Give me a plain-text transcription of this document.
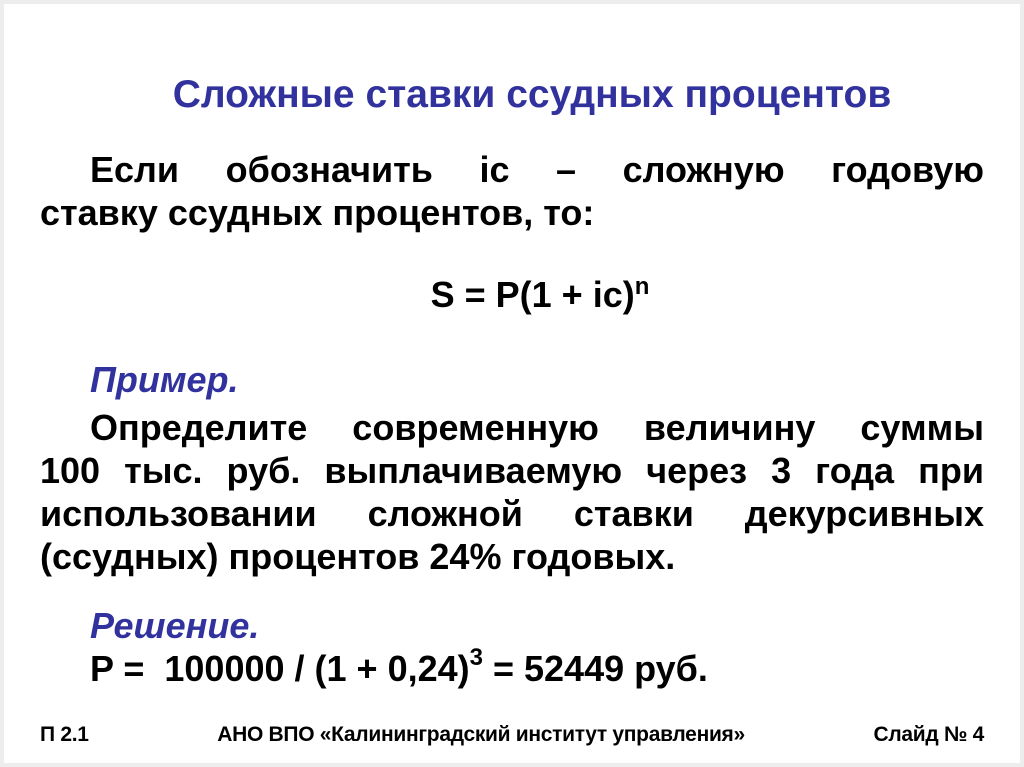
Сложные ставки ссудных процентов

Если обозначить ic – сложную годовую
ставку ссудных процентов, то:

S = P(1 + ic)$^n$
Пример.

Определите современную величину суммы
100 тыс. руб. выплачиваемую через 3 года при
использовании сложной ставки декурсивных
(ссудных) процентов 24% годовых.

Решение.
$P = 100000 / (1 + 0,24)^3 = 52449$ руб.
П 2.1	АНО ВПО «Калининградский институт управления»	Слайд № 4
